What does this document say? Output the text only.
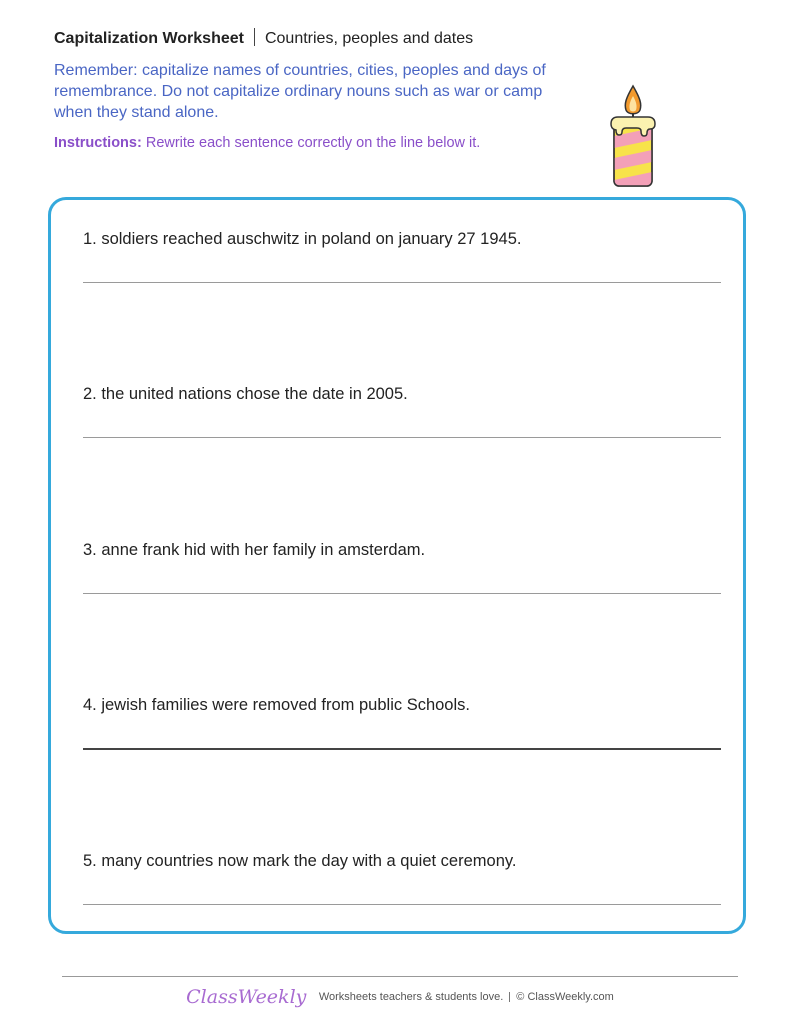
Capitalization Worksheet Countries, peoples and dates
Remember: capitalize names of countries, cities, peoples and days of remembrance. Do not capitalize ordinary nouns such as war or camp when they stand alone.
Instructions: Rewrite each sentence correctly on the line below it.
1. soldiers reached auschwitz in poland on january 27 1945.
2. the united nations chose the date in 2005.
3. anne frank hid with her family in amsterdam.
4. jewish families were removed from public Schools.
5. many countries now mark the day with a quiet ceremony.
ClassWeekly Worksheets teachers & students love. © ClassWeekly.com
